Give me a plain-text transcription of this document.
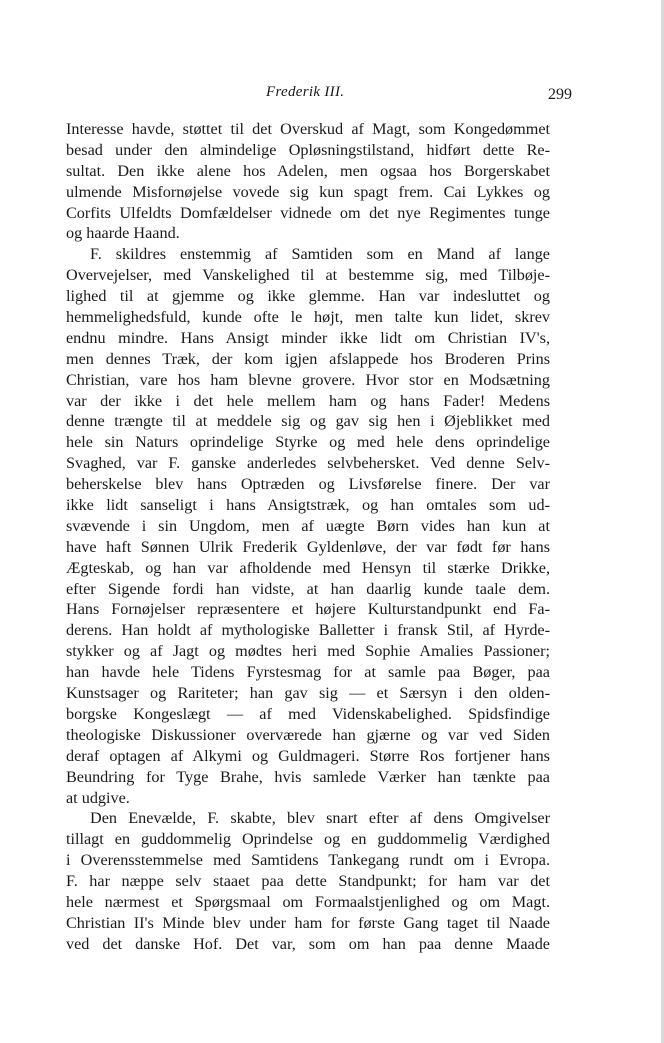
Frederik III.	299
Interesse havde, støttet til det Overskud af Magt, som Kongedømmet
besad under den almindelige Opløsningstilstand, hidført dette Re-
sultat. Den ikke alene hos Adelen, men ogsaa hos Borgerskabet
ulmende Misfornøjelse vovede sig kun spagt frem. Cai Lykkes og
Corfits Ulfeldts Domfældelser vidnede om det nye Regimentes tunge
og haarde Haand.
F. skildres enstemmig af Samtiden som en Mand af lange
Overvejelser, med Vanskelighed til at bestemme sig, med Tilbøje-
lighed til at gjemme og ikke glemme. Han var indesluttet og
hemmelighedsfuld, kunde ofte le højt, men talte kun lidet, skrev
endnu mindre. Hans Ansigt minder ikke lidt om Christian IV's,
men dennes Træk, der kom igjen afslappede hos Broderen Prins
Christian, vare hos ham blevne grovere. Hvor stor en Modsætning
var der ikke i det hele mellem ham og hans Fader! Medens
denne trængte til at meddele sig og gav sig hen i Øjeblikket med
hele sin Naturs oprindelige Styrke og med hele dens oprindelige
Svaghed, var F. ganske anderledes selvbehersket. Ved denne Selv-
beherskelse blev hans Optræden og Livsførelse finere. Der var
ikke lidt sanseligt i hans Ansigtstræk, og han omtales som ud-
svævende i sin Ungdom, men af uægte Børn vides han kun at
have haft Sønnen Ulrik Frederik Gyldenløve, der var født før hans
Ægteskab, og han var afholdende med Hensyn til stærke Drikke,
efter Sigende fordi han vidste, at han daarlig kunde taale dem.
Hans Fornøjelser repræsentere et højere Kulturstandpunkt end Fa-
derens. Han holdt af mythologiske Balletter i fransk Stil, af Hyrde-
stykker og af Jagt og mødtes heri med Sophie Amalies Passioner;
han havde hele Tidens Fyrstesmag for at samle paa Bøger, paa
Kunstsager og Rariteter; han gav sig — et Særsyn i den olden-
borgske Kongeslægt — af med Videnskabelighed. Spidsfindige
theologiske Diskussioner overværede han gjærne og var ved Siden
deraf optagen af Alkymi og Guldmageri. Større Ros fortjener hans
Beundring for Tyge Brahe, hvis samlede Værker han tænkte paa
at udgive.
Den Enevælde, F. skabte, blev snart efter af dens Omgivelser
tillagt en guddommelig Oprindelse og en guddommelig Værdighed
i Overensstemmelse med Samtidens Tankegang rundt om i Evropa.
F. har næppe selv staaet paa dette Standpunkt; for ham var det
hele nærmest et Spørgsmaal om Formaalstjenlighed og om Magt.
Christian II's Minde blev under ham for første Gang taget til Naade
ved det danske Hof. Det var, som om han paa denne Maade
